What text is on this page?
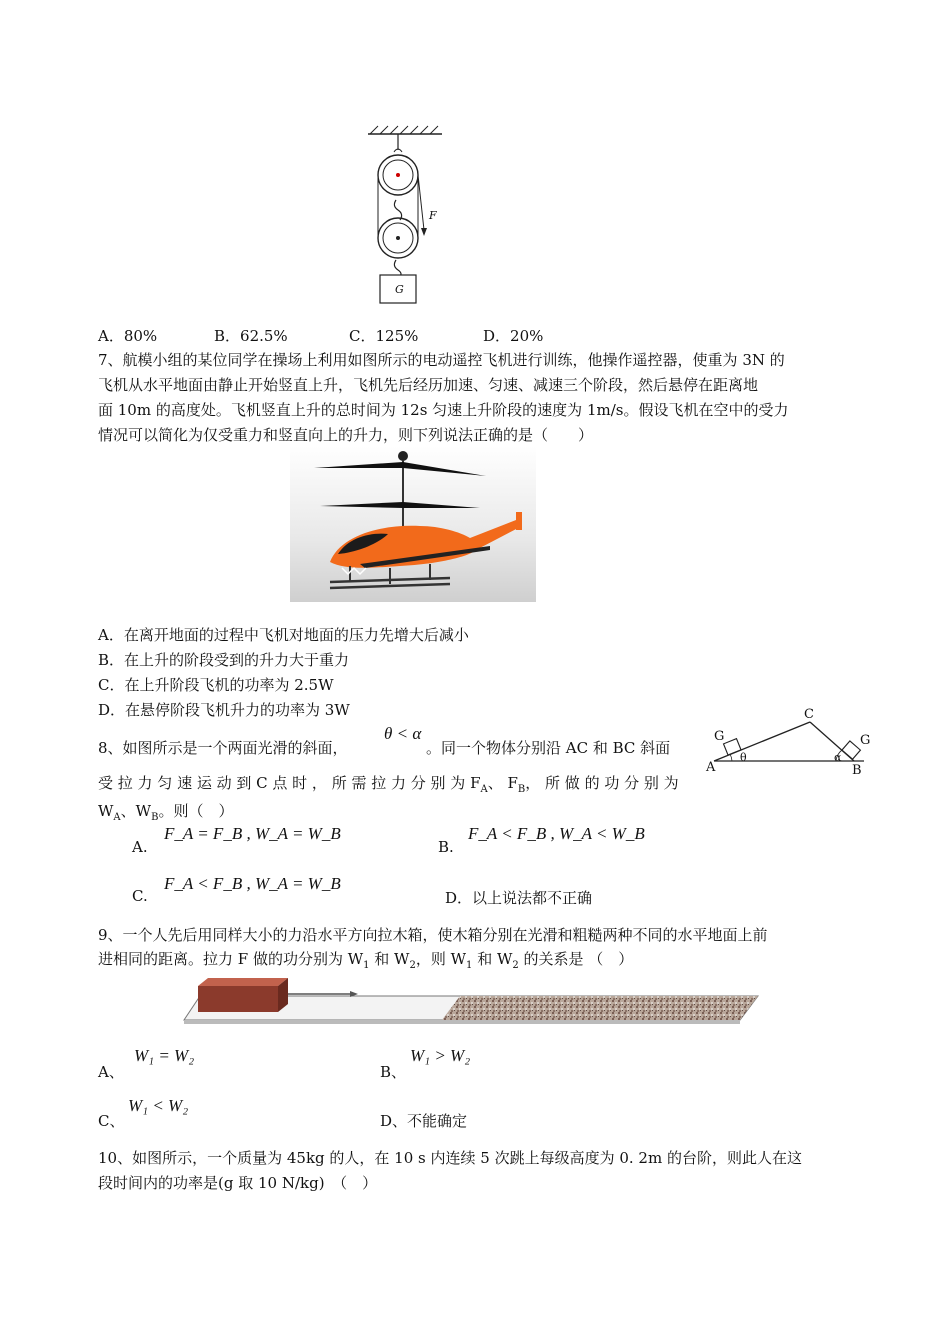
F
G
A．80%	B．62.5%	C．125%	D．20%
7、航模小组的某位同学在操场上利用如图所示的电动遥控飞机进行训练，他操作遥控器，使重为 3N 的
飞机从水平地面由静止开始竖直上升，飞机先后经历加速、匀速、减速三个阶段，然后悬停在距离地
面 10m 的高度处。飞机竖直上升的总时间为 12s 匀速上升阶段的速度为 1m/s。假设飞机在空中的受力
情况可以简化为仅受重力和竖直向上的升力，则下列说法正确的是（　　）
A．在离开地面的过程中飞机对地面的压力先增大后减小
B．在上升的阶段受到的升力大于重力
C．在上升阶段飞机的功率为 2.5W
D．在悬停阶段飞机升力的功率为 3W
8、如图所示是一个两面光滑的斜面，
θ < α
。同一个物体分别沿 AC 和 BC 斜面
受 拉 力 匀 速 运 动 到 C 点 时 ， 所 需 拉 力 分 别 为 $F_A$、 $F_B$， 所 做 的 功 分 别 为
$W_A$、$W_B$。则（　）
C
A	B
G	G
θ	α
A.
F_A = F_B , W_A = W_B
B.
F_A < F_B , W_A < W_B
C.
F_A < F_B , W_A = W_B
D．以上说法都不正确
9、一个人先后用同样大小的力沿水平方向拉木箱，使木箱分别在光滑和粗糙两种不同的水平地面上前
进相同的距离。拉力 F 做的功分别为 $W_1$ 和 $W_2$，则 $W_1$ 和 $W_2$ 的关系是 （　）
A、
W₁ = W₂
B、
W₁ > W₂
C、
W₁ < W₂
D、不能确定
10、如图所示，一个质量为 45kg 的人，在 10 s 内连续 5 次跳上每级高度为 0. 2m 的台阶，则此人在这
段时间内的功率是(g 取 10 N/kg)　（　）
